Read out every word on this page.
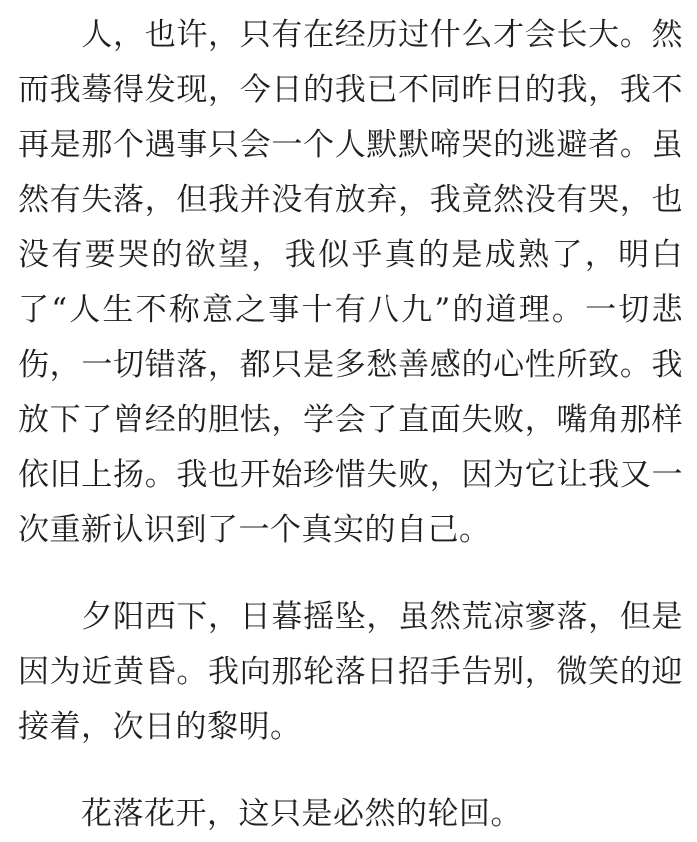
　　人，也许，只有在经历过什么才会长大。然而我蓦得发现，今日的我已不同昨日的我，我不再是那个遇事只会一个人默默啼哭的逃避者。虽然有失落，但我并没有放弃，我竟然没有哭，也没有要哭的欲望，我似乎真的是成熟了，明白了“人生不称意之事十有八九”的道理。一切悲伤，一切错落，都只是多愁善感的心性所致。我放下了曾经的胆怯，学会了直面失败，嘴角那样依旧上扬。我也开始珍惜失败，因为它让我又一次重新认识到了一个真实的自己。

　　夕阳西下，日暮摇坠，虽然荒凉寥落，但是因为近黄昏。我向那轮落日招手告别，微笑的迎接着，次日的黎明。

　　花落花开，这只是必然的轮回。
